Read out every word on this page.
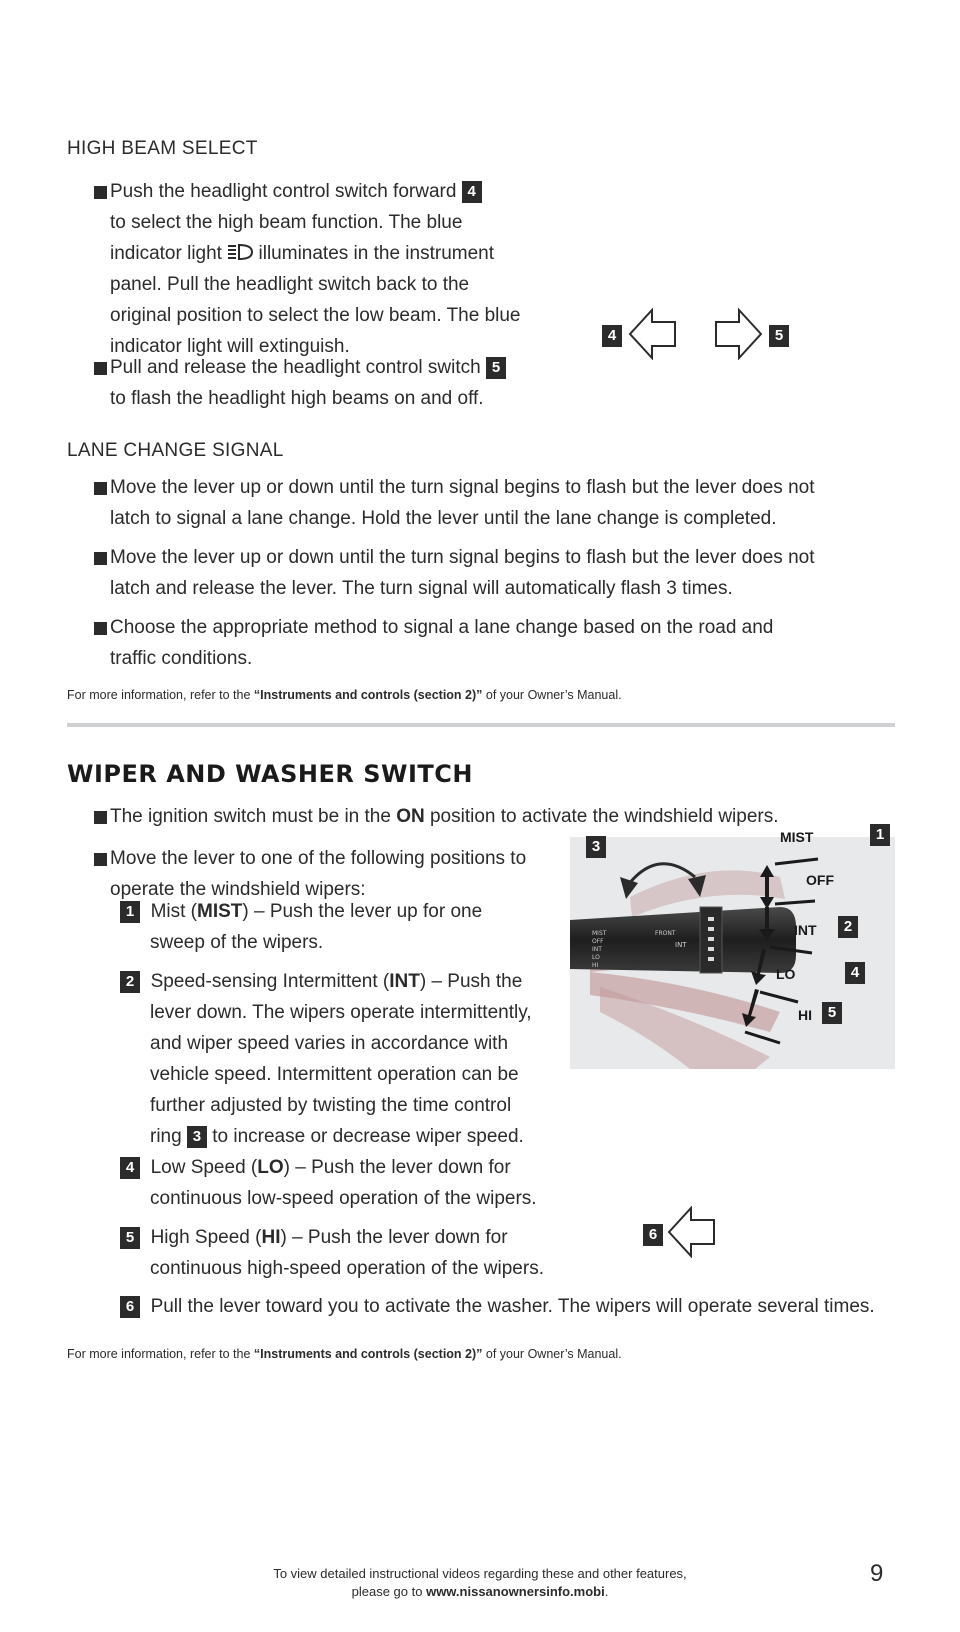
HIGH BEAM SELECT
Push the headlight control switch forward 4
to select the high beam function. The blue
indicator light illuminates in the instrument
panel. Pull the headlight switch back to the
original position to select the low beam. The blue
indicator light will extinguish.
Pull and release the headlight control switch 5
to flash the headlight high beams on and off.
4	5
LANE CHANGE SIGNAL
Move the lever up or down until the turn signal begins to flash but the lever does not
latch to signal a lane change. Hold the lever until the lane change is completed.
Move the lever up or down until the turn signal begins to flash but the lever does not
latch and release the lever. The turn signal will automatically flash 3 times.
Choose the appropriate method to signal a lane change based on the road and
traffic conditions.
For more information, refer to the “Instruments and controls (section 2)” of your Owner’s Manual.
WIPER AND WASHER SWITCH
The ignition switch must be in the ON position to activate the windshield wipers.
Move the lever to one of the following positions to
operate the windshield wipers:
1 Mist (MIST) – Push the lever up for one
sweep of the wipers.
2 Speed-sensing Intermittent (INT) – Push the
lever down. The wipers operate intermittently,
and wiper speed varies in accordance with
vehicle speed. Intermittent operation can be
further adjusted by twisting the time control
ring 3 to increase or decrease wiper speed.
4 Low Speed (LO) – Push the lever down for
continuous low-speed operation of the wipers.
5 High Speed (HI) – Push the lever down for
continuous high-speed operation of the wipers.
6 Pull the lever toward you to activate the washer. The wipers will operate several times.
MIST
OFF
INT
LO
HI
FRONT
INT
3
MIST	1
OFF
INT	2
LO	4
HI	5
6
For more information, refer to the “Instruments and controls (section 2)” of your Owner’s Manual.
To view detailed instructional videos regarding these and other features,
please go to www.nissanownersinfo.mobi.
9
